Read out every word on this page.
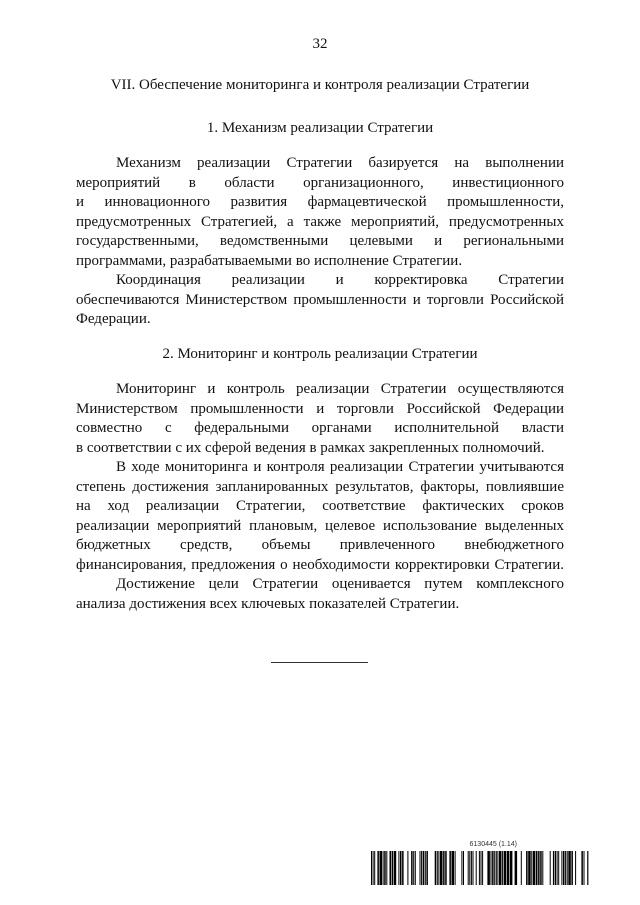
32
VII. Обеспечение мониторинга и контроля реализации Стратегии
1. Механизм реализации Стратегии
Механизм реализации Стратегии базируется на выполнении
мероприятий в области организационного, инвестиционного
и инновационного развития фармацевтической промышленности,
предусмотренных Стратегией, а также мероприятий, предусмотренных
государственными, ведомственными целевыми и региональными
программами, разрабатываемыми во исполнение Стратегии.
Координация реализации и корректировка Стратегии
обеспечиваются Министерством промышленности и торговли Российской
Федерации.
2. Мониторинг и контроль реализации Стратегии
Мониторинг и контроль реализации Стратегии осуществляются
Министерством промышленности и торговли Российской Федерации
совместно с федеральными органами исполнительной власти
в соответствии с их сферой ведения в рамках закрепленных полномочий.
В ходе мониторинга и контроля реализации Стратегии учитываются
степень достижения запланированных результатов, факторы, повлиявшие
на ход реализации Стратегии, соответствие фактических сроков
реализации мероприятий плановым, целевое использование выделенных
бюджетных средств, объемы привлеченного внебюджетного
финансирования, предложения о необходимости корректировки Стратегии.
Достижение цели Стратегии оценивается путем комплексного
анализа достижения всех ключевых показателей Стратегии.
6130445 (1.14)
